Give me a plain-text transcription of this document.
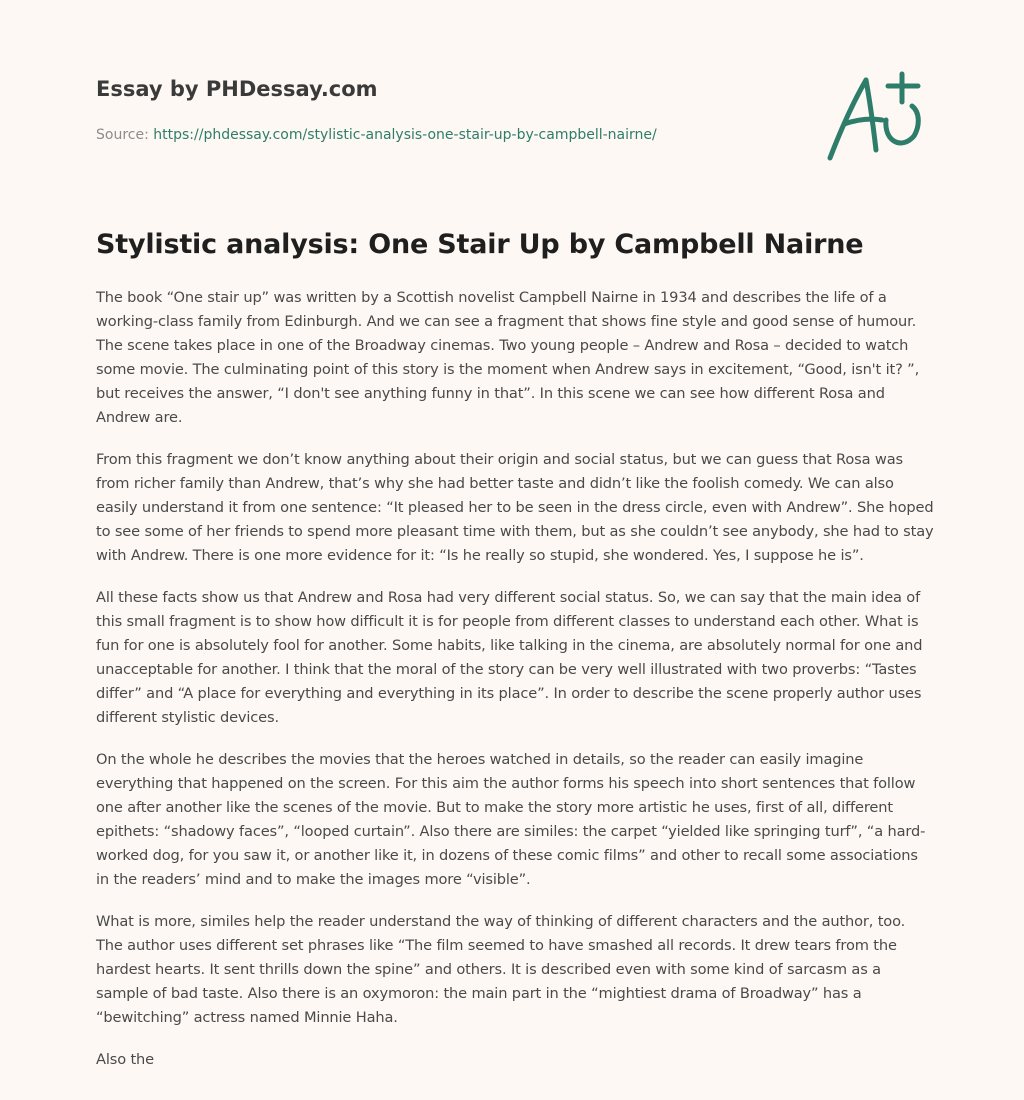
Essay by PHDessay.com
Source: https://phdessay.com/stylistic-analysis-one-stair-up-by-campbell-nairne/
Stylistic analysis: One Stair Up by Campbell Nairne

The book “One stair up” was written by a Scottish novelist Campbell Nairne in 1934 and describes the life of a working-class family from Edinburgh. And we can see a fragment that shows fine style and good sense of humour. The scene takes place in one of the Broadway cinemas. Two young people – Andrew and Rosa – decided to watch some movie. The culminating point of this story is the moment when Andrew says in excitement, “Good, isn't it? ”, but receives the answer, “I don't see anything funny in that”. In this scene we can see how different Rosa and Andrew are.

From this fragment we don’t know anything about their origin and social status, but we can guess that Rosa was from richer family than Andrew, that’s why she had better taste and didn’t like the foolish comedy. We can also easily understand it from one sentence: “It pleased her to be seen in the dress circle, even with Andrew”. She hoped to see some of her friends to spend more pleasant time with them, but as she couldn’t see anybody, she had to stay with Andrew. There is one more evidence for it: “Is he really so stupid, she wondered. Yes, I suppose he is”.

All these facts show us that Andrew and Rosa had very different social status. So, we can say that the main idea of this small fragment is to show how difficult it is for people from different classes to understand each other. What is fun for one is absolutely fool for another. Some habits, like talking in the cinema, are absolutely normal for one and unacceptable for another. I think that the moral of the story can be very well illustrated with two proverbs: “Tastes differ” and “A place for everything and everything in its place”. In order to describe the scene properly author uses different stylistic devices.

On the whole he describes the movies that the heroes watched in details, so the reader can easily imagine everything that happened on the screen. For this aim the author forms his speech into short sentences that follow one after another like the scenes of the movie. But to make the story more artistic he uses, first of all, different epithets: “shadowy faces”, “looped curtain”. Also there are similes: the carpet “yielded like springing turf”, “a hard-worked dog, for you saw it, or another like it, in dozens of these comic films” and other to recall some associations in the readers’ mind and to make the images more “visible”.

What is more, similes help the reader understand the way of thinking of different characters and the author, too. The author uses different set phrases like “The film seemed to have smashed all records. It drew tears from the hardest hearts. It sent thrills down the spine” and others. It is described even with some kind of sarcasm as a sample of bad taste. Also there is an oxymoron: the main part in the “mightiest drama of Broadway” has a “bewitching” actress named Minnie Haha.

Also the
